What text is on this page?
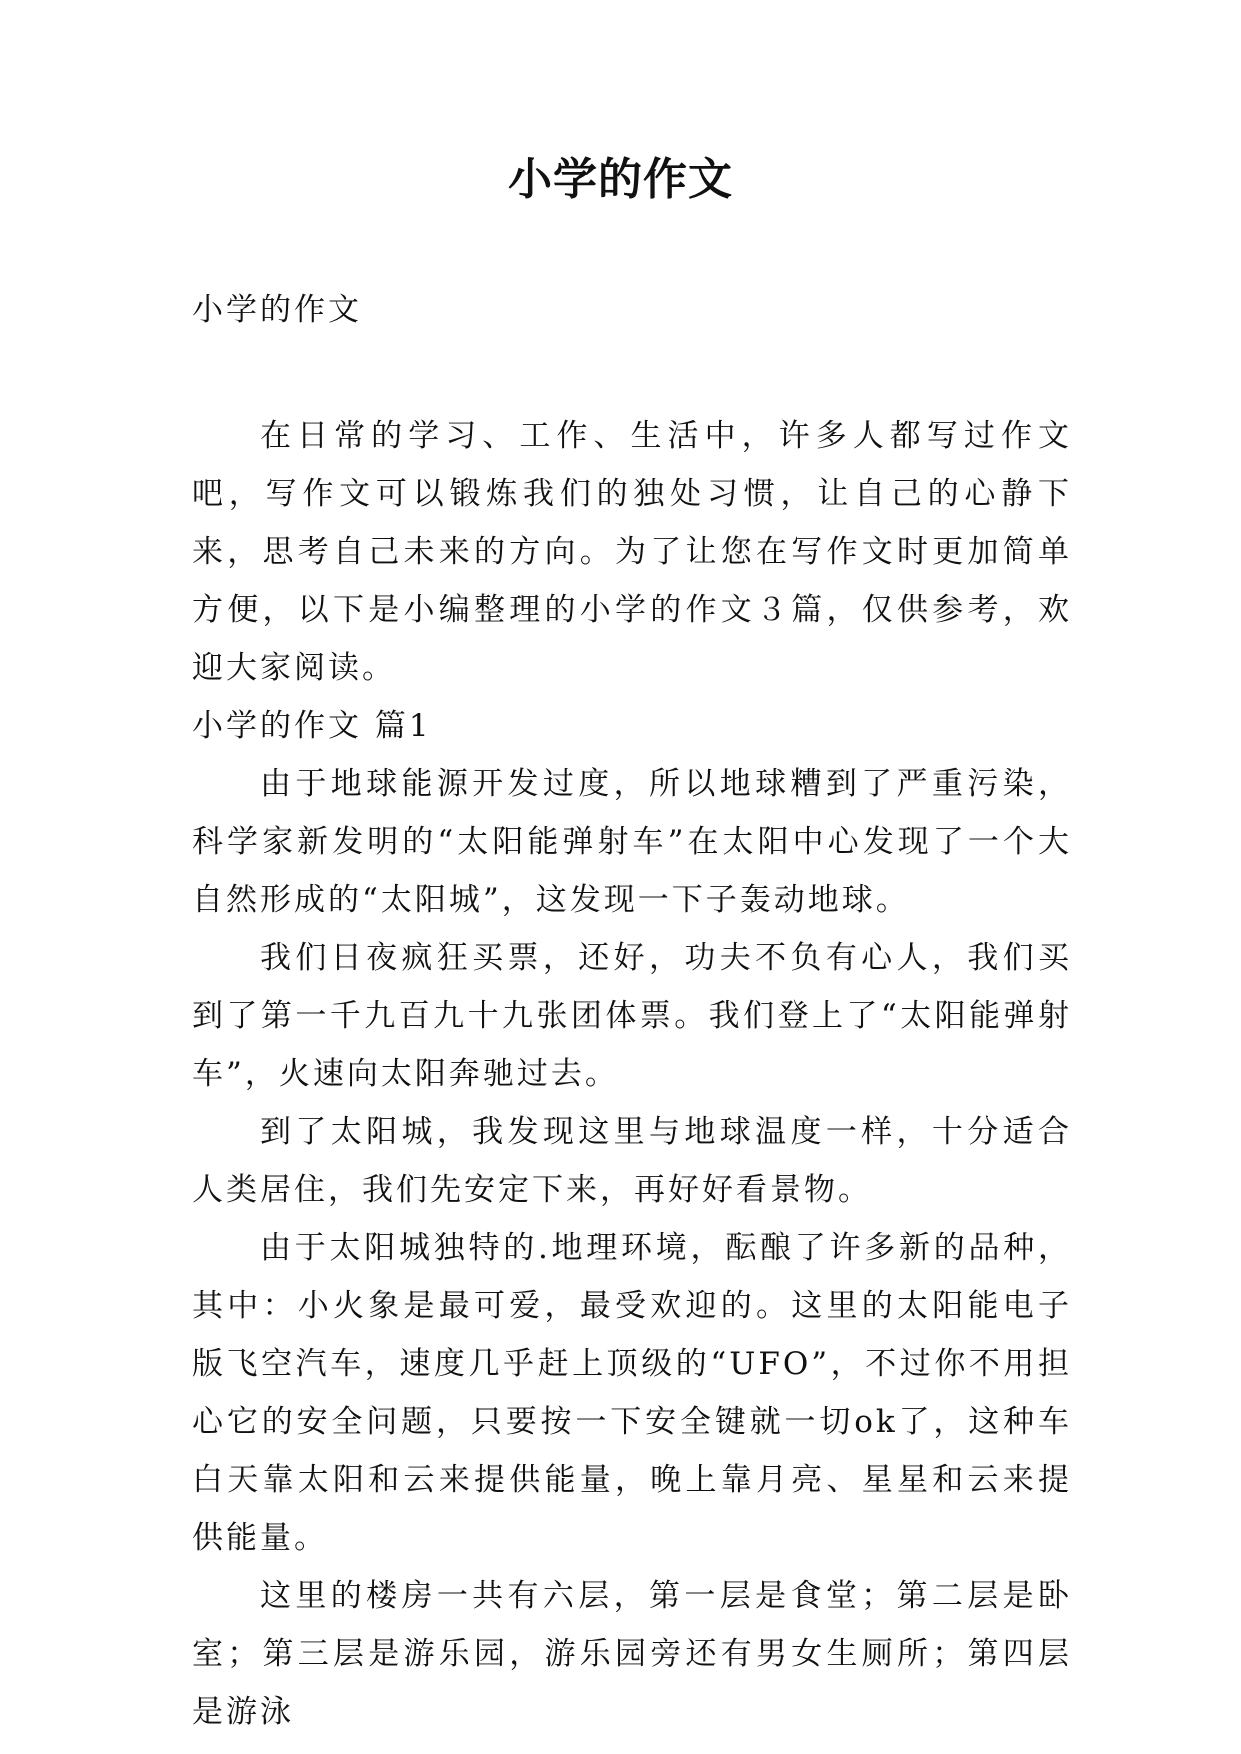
小学的作文
小学的作文

在日常的学习、工作、生活中，许多人都写过作文吧，写作文可以锻炼我们的独处习惯，让自己的心静下来，思考自己未来的方向。为了让您在写作文时更加简单方便，以下是小编整理的小学的作文３篇，仅供参考，欢迎大家阅读。

小学的作文 篇1

由于地球能源开发过度，所以地球糟到了严重污染，科学家新发明的“太阳能弹射车”在太阳中心发现了一个大自然形成的“太阳城”，这发现一下子轰动地球。

我们日夜疯狂买票，还好，功夫不负有心人，我们买到了第一千九百九十九张团体票。我们登上了“太阳能弹射车”，火速向太阳奔驰过去。

到了太阳城，我发现这里与地球温度一样，十分适合人类居住，我们先安定下来，再好好看景物。

由于太阳城独特的.地理环境，酝酿了许多新的品种，其中：小火象是最可爱，最受欢迎的。这里的太阳能电子版飞空汽车，速度几乎赶上顶级的“UFO”，不过你不用担心它的安全问题，只要按一下安全键就一切ok了，这种车白天靠太阳和云来提供能量，晚上靠月亮、星星和云来提供能量。

这里的楼房一共有六层，第一层是食堂；第二层是卧室；第三层是游乐园，游乐园旁还有男女生厕所；第四层是游泳
